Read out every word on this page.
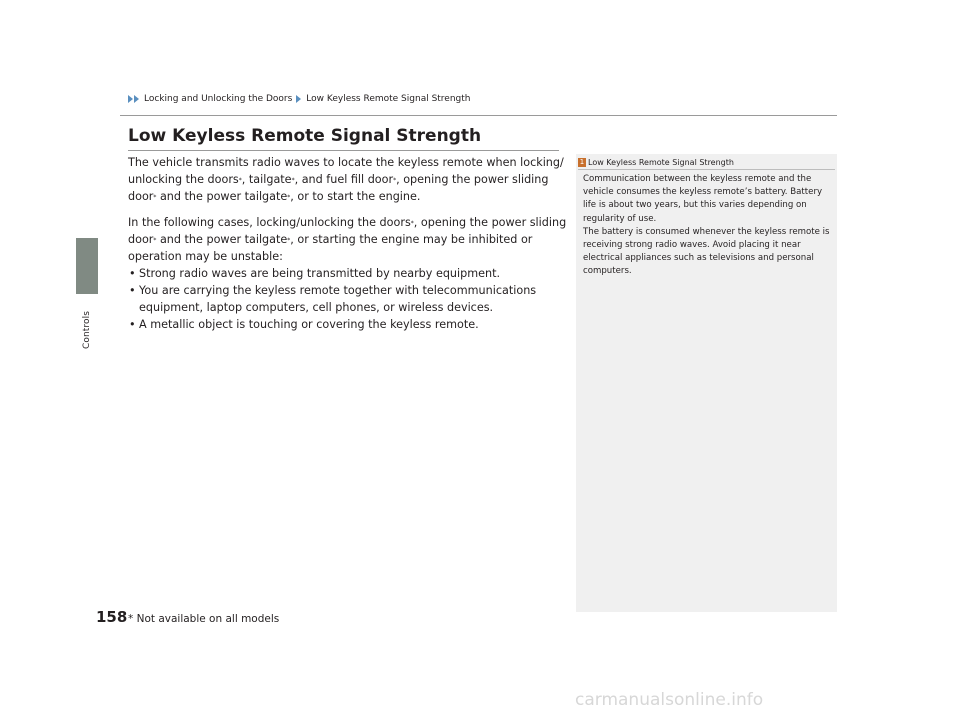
Controls
Locking and Unlocking the Doors Low Keyless Remote Signal Strength
Low Keyless Remote Signal Strength

The vehicle transmits radio waves to locate the keyless remote when locking/ unlocking the doors*, tailgate*, and fuel fill door*, opening the power sliding door* and the power tailgate*, or to start the engine.

In the following cases, locking/unlocking the doors*, opening the power sliding door* and the power tailgate*, or starting the engine may be inhibited or operation may be unstable:

• Strong radio waves are being transmitted by nearby equipment.
• You are carrying the keyless remote together with telecommunications equipment, laptop computers, cell phones, or wireless devices.
• A metallic object is touching or covering the keyless remote.
1 Low Keyless Remote Signal Strength
Communication between the keyless remote and the vehicle consumes the keyless remote’s battery. Battery life is about two years, but this varies depending on regularity of use.
The battery is consumed whenever the keyless remote is receiving strong radio waves. Avoid placing it near electrical appliances such as televisions and personal computers.
158 * Not available on all models
carmanualsonline.info
